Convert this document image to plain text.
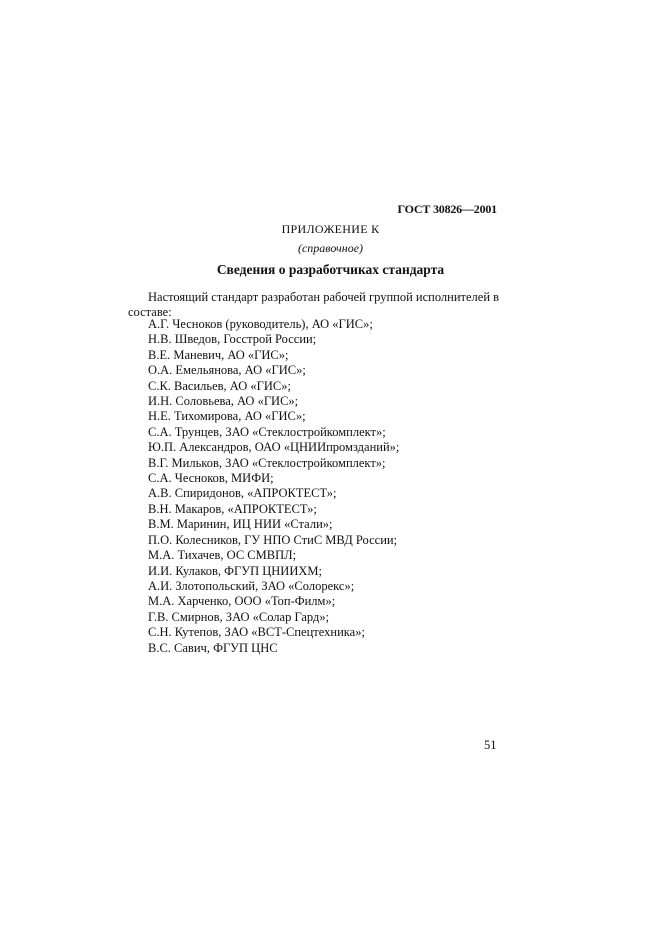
ГОСТ 30826—2001
ПРИЛОЖЕНИЕ К
(справочное)
Сведения о разработчиках стандарта

Настоящий стандарт разработан рабочей группой исполнителей в составе:

А.Г. Чесноков (руководитель), АО «ГИС»;
Н.В. Шведов, Госстрой России;
В.Е. Маневич, АО «ГИС»;
О.А. Емельянова, АО «ГИС»;
С.К. Васильев, АО «ГИС»;
И.Н. Соловьева, АО «ГИС»;
Н.Е. Тихомирова, АО «ГИС»;
С.А. Трунцев, ЗАО «Стеклостройкомплект»;
Ю.П. Александров, ОАО «ЦНИИпромзданий»;
В.Г. Мильков, ЗАО «Стеклостройкомплект»;
С.А. Чесноков, МИФИ;
А.В. Спиридонов, «АПРОКТЕСТ»;
В.Н. Макаров, «АПРОКТЕСТ»;
В.М. Маринин, ИЦ НИИ «Стали»;
П.О. Колесников, ГУ НПО СтиС МВД России;
М.А. Тихачев, ОС СМВПЛ;
И.И. Кулаков, ФГУП ЦНИИХМ;
А.И. Злотопольский, ЗАО «Солорекс»;
М.А. Харченко, ООО «Топ-Филм»;
Г.В. Смирнов, ЗАО «Солар Гард»;
С.Н. Кутепов, ЗАО «ВСТ-Спецтехника»;
В.С. Савич, ФГУП ЦНС
51
